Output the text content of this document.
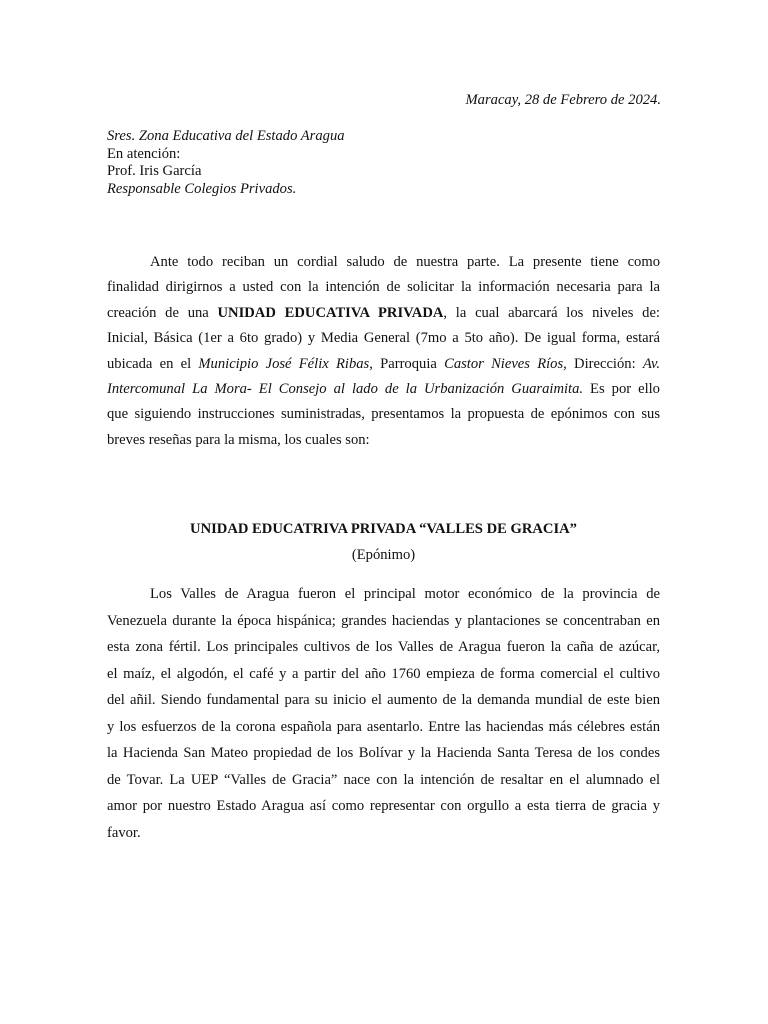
Maracay, 28 de Febrero de 2024.
Sres. Zona Educativa del Estado Aragua
En atención:
Prof. Iris García
Responsable Colegios Privados.
Ante todo reciban un cordial saludo de nuestra parte. La presente tiene como
finalidad dirigirnos a usted con la intención de solicitar la información necesaria para la
creación de una UNIDAD EDUCATIVA PRIVADA, la cual abarcará los niveles de:
Inicial, Básica (1er a 6to grado) y Media General (7mo a 5to año). De igual forma, estará
ubicada en el Municipio José Félix Ribas, Parroquia Castor Nieves Ríos, Dirección: Av.
Intercomunal La Mora- El Consejo al lado de la Urbanización Guaraimita. Es por ello
que siguiendo instrucciones suministradas, presentamos la propuesta de epónimos con sus
breves reseñas para la misma, los cuales son:
UNIDAD EDUCATRIVA PRIVADA “VALLES DE GRACIA”
(Epónimo)
Los Valles de Aragua fueron el principal motor económico de la provincia de
Venezuela durante la época hispánica; grandes haciendas y plantaciones se concentraban en
esta zona fértil. Los principales cultivos de los Valles de Aragua fueron la caña de azúcar,
el maíz, el algodón, el café y a partir del año 1760 empieza de forma comercial el cultivo
del añil. Siendo fundamental para su inicio el aumento de la demanda mundial de este bien
y los esfuerzos de la corona española para asentarlo. Entre las haciendas más célebres están
la Hacienda San Mateo propiedad de los Bolívar y la Hacienda Santa Teresa de los condes
de Tovar. La UEP “Valles de Gracia” nace con la intención de resaltar en el alumnado el
amor por nuestro Estado Aragua así como representar con orgullo a esta tierra de gracia y
favor.
